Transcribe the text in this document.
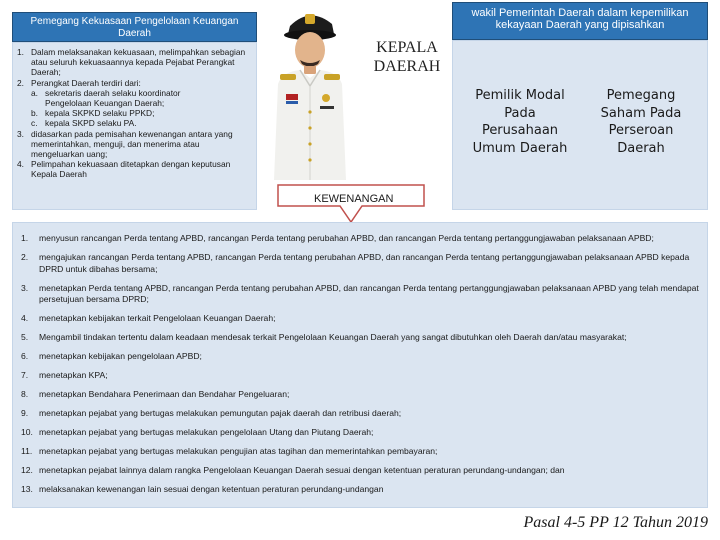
Pemegang Kekuasaan Pengelolaan Keuangan Daerah
1. Dalam melaksanakan kekuasaan, melimpahkan sebagian atau seluruh kekuasaannya kepada Pejabat Perangkat Daerah;
2. Perangkat Daerah terdiri dari:
a. sekretaris daerah selaku koordinator
Pengelolaan Keuangan Daerah;
b. kepala SKPKD selaku PPKD;
c. kepala SKPD selaku PA.
3. didasarkan pada pemisahan kewenangan antara yang memerintahkan, menguji, dan menerima atau mengeluarkan uang;
4. Pelimpahan kekuasaan ditetapkan dengan keputusan Kepala Daerah
KEPALA DAERAH
wakil Pemerintah Daerah dalam kepemilikan kekayaan Daerah yang dipisahkan
Pemilik Modal Pada Perusahaan Umum Daerah
Pemegang Saham Pada Perseroan Daerah
KEWENANGAN
1.	menyusun rancangan Perda tentang APBD, rancangan Perda tentang perubahan APBD, dan rancangan Perda tentang pertanggungjawaban pelaksanaan APBD;
2.	mengajukan rancangan Perda tentang APBD, rancangan Perda tentang perubahan APBD, dan rancangan Perda tentang pertanggungjawaban pelaksanaan APBD kepada DPRD untuk dibahas bersama;
3.	menetapkan Perda tentang APBD, rancangan Perda tentang perubahan APBD, dan rancangan Perda tentang pertanggungjawaban pelaksanaan APBD yang telah mendapat persetujuan bersama DPRD;
4.	menetapkan kebijakan terkait Pengelolaan Keuangan Daerah;
5.	Mengambil tindakan tertentu dalam keadaan mendesak terkait Pengelolaan Keuangan Daerah yang sangat dibutuhkan oleh Daerah dan/atau masyarakat;
6.	menetapkan kebijakan pengelolaan APBD;
7.	menetapkan KPA;
8.	menetapkan Bendahara Penerimaan dan Bendahar Pengeluaran;
9.	menetapkan pejabat yang bertugas melakukan pemungutan pajak daerah dan retribusi daerah;
10. menetapkan pejabat yang bertugas melakukan pengelolaan Utang dan Piutang Daerah;
11. menetapkan pejabat yang bertugas melakukan pengujian atas tagihan dan memerintahkan pembayaran;
12. menetapkan pejabat lainnya dalam rangka Pengelolaan Keuangan Daerah sesuai dengan ketentuan peraturan perundang-undangan; dan
13. melaksanakan kewenangan lain sesuai dengan ketentuan peraturan perundang-undangan
Pasal 4-5 PP 12 Tahun 2019
